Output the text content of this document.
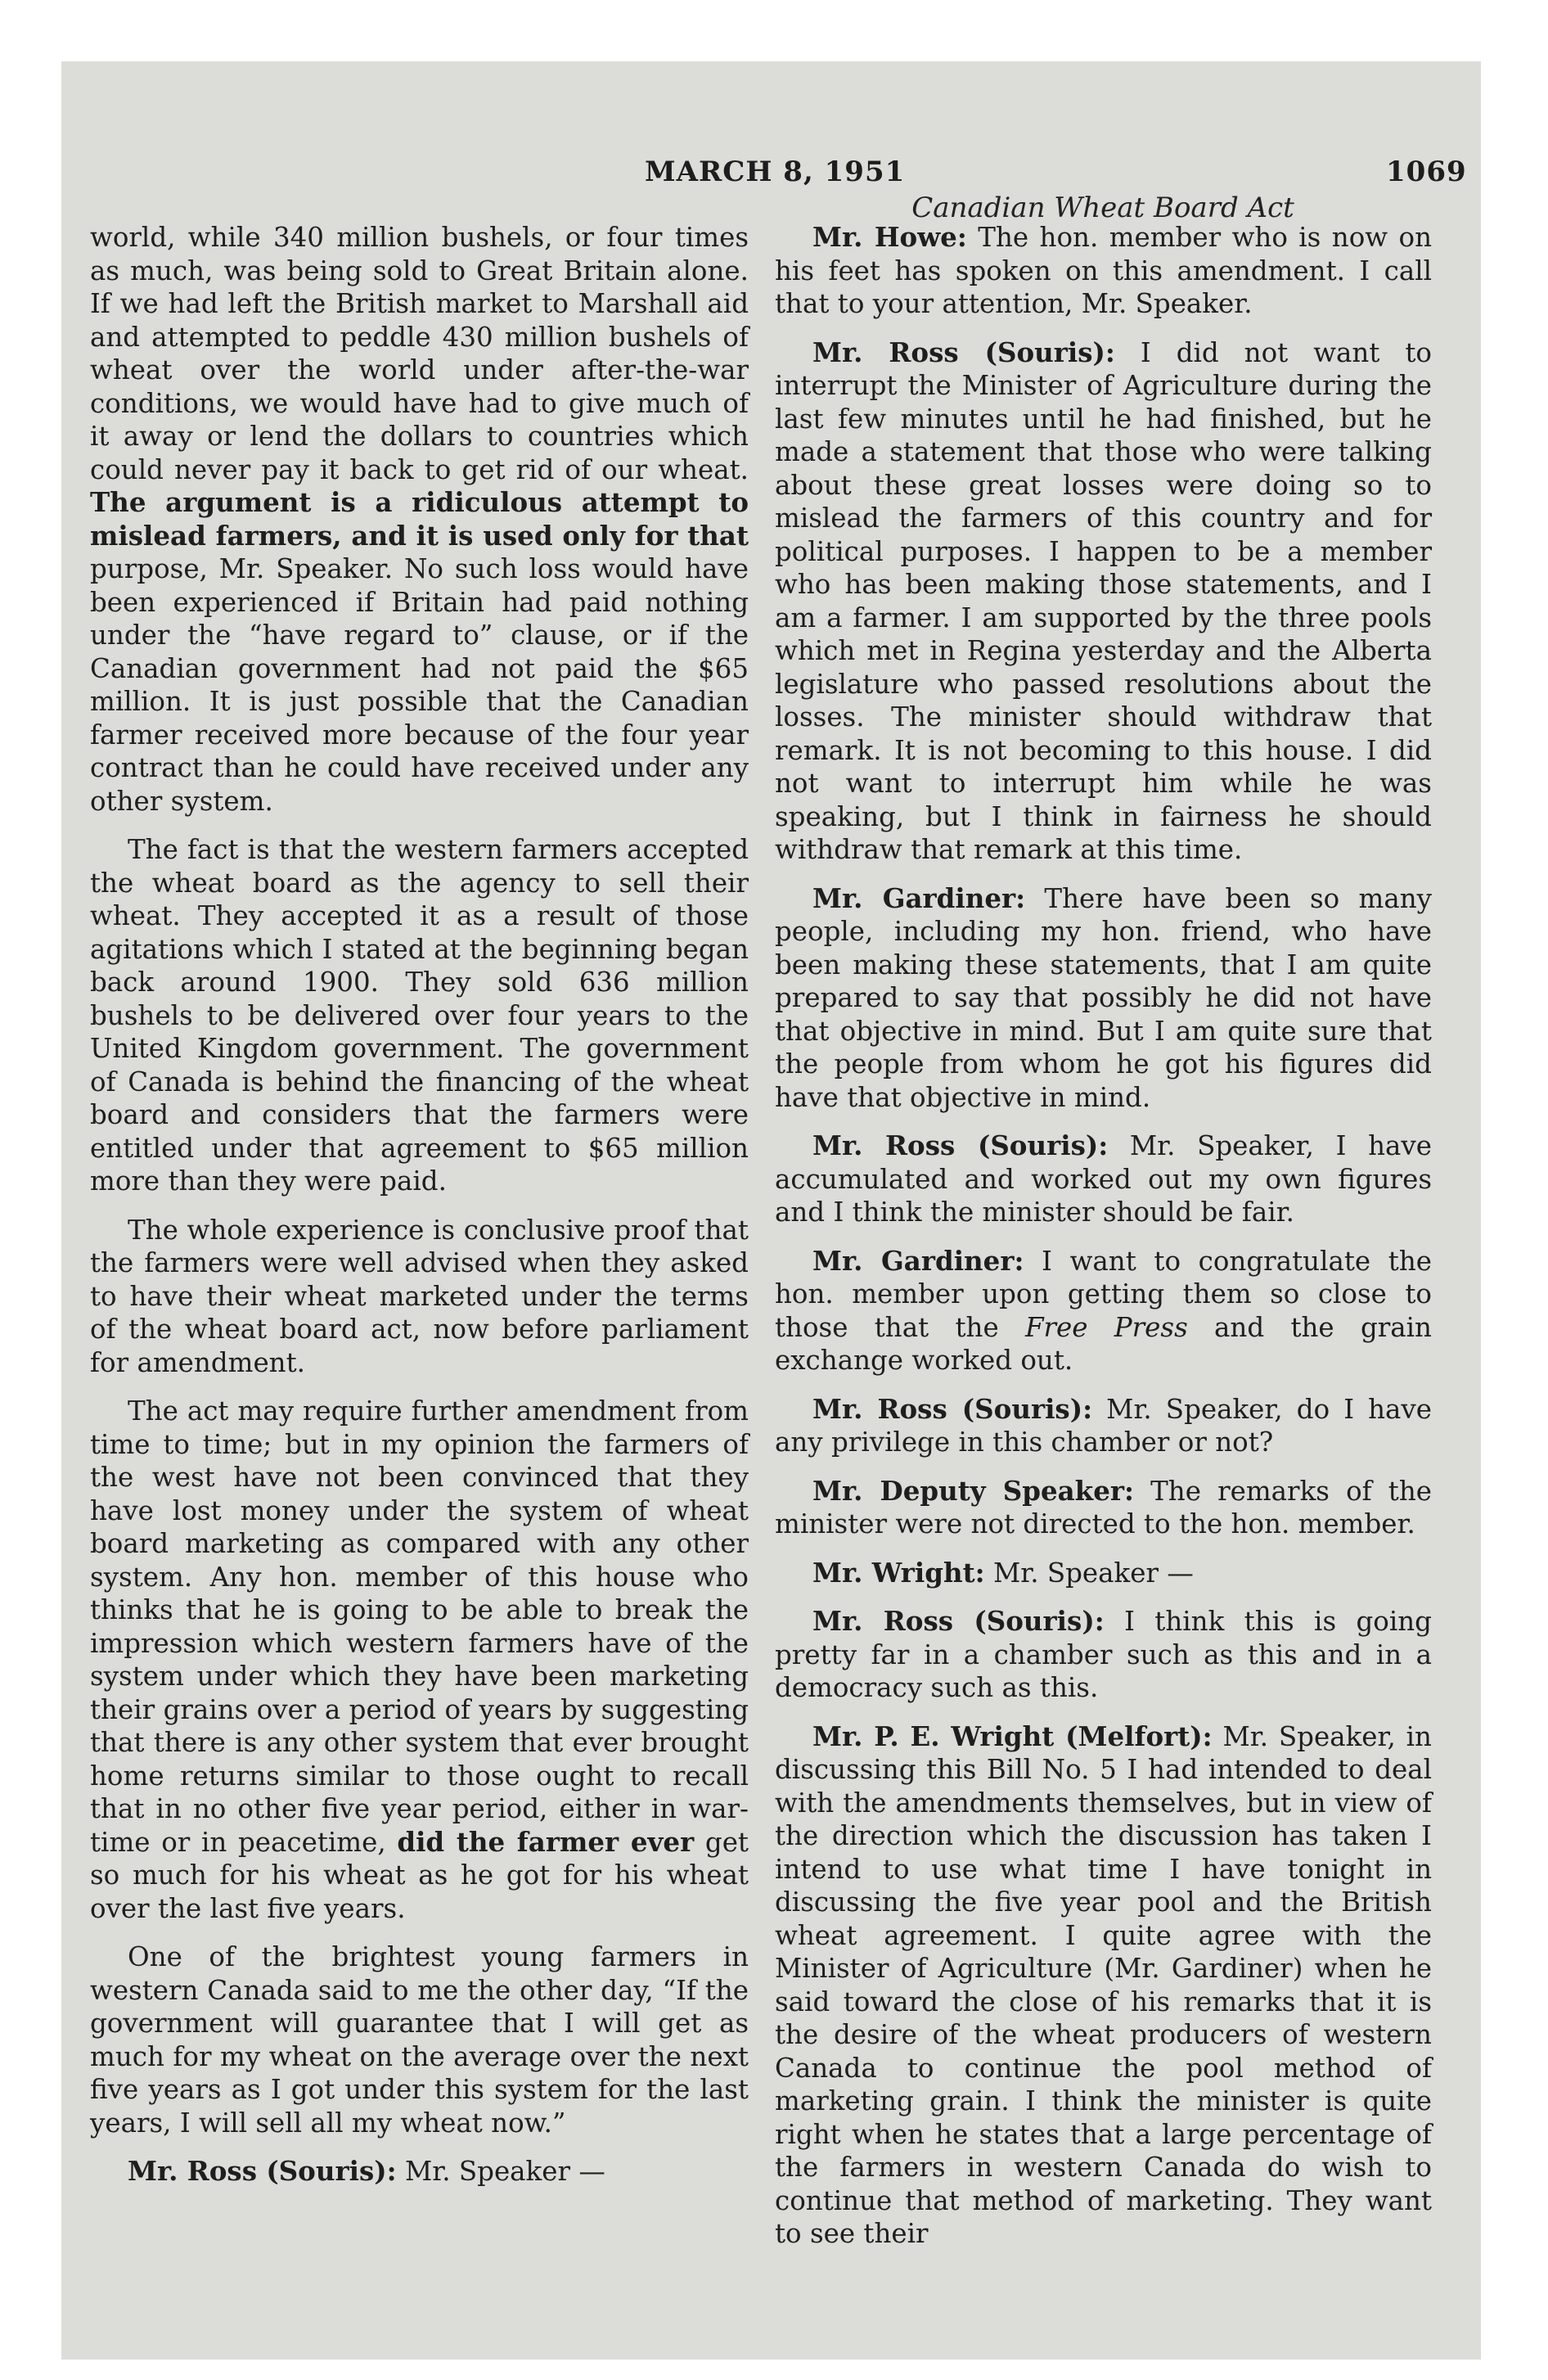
MARCH 8, 1951	1069
Canadian Wheat Board Act

world, while 340 million bushels, or four times as much, was being sold to Great Britain alone. If we had left the British market to Marshall aid and attempted to peddle 430 million bushels of wheat over the world under after-the-war conditions, we would have had to give much of it away or lend the dollars to countries which could never pay it back to get rid of our wheat. The argument is a ridiculous attempt to mislead farmers, and it is used only for that purpose, Mr. Speaker. No such loss would have been experienced if Britain had paid nothing under the “have regard to” clause, or if the Canadian government had not paid the $65 million. It is just possible that the Canadian farmer received more because of the four year contract than he could have received under any other system.

The fact is that the western farmers accepted the wheat board as the agency to sell their wheat. They accepted it as a result of those agitations which I stated at the beginning began back around 1900. They sold 636 million bushels to be delivered over four years to the United Kingdom government. The government of Canada is behind the financing of the wheat board and considers that the farmers were entitled under that agreement to $65 million more than they were paid.

The whole experience is conclusive proof that the farmers were well advised when they asked to have their wheat marketed under the terms of the wheat board act, now before parliament for amendment.

The act may require further amendment from time to time; but in my opinion the farmers of the west have not been convinced that they have lost money under the system of wheat board marketing as compared with any other system. Any hon. member of this house who thinks that he is going to be able to break the impression which western farmers have of the system under which they have been marketing their grains over a period of years by suggesting that there is any other system that ever brought home returns similar to those ought to recall that in no other five year period, either in war-time or in peacetime, did the farmer ever get so much for his wheat as he got for his wheat over the last five years.

One of the brightest young farmers in western Canada said to me the other day, “If the government will guarantee that I will get as much for my wheat on the average over the next five years as I got under this system for the last years, I will sell all my wheat now.”

Mr. Ross (Souris): Mr. Speaker —

Mr. Howe: The hon. member who is now on his feet has spoken on this amendment. I call that to your attention, Mr. Speaker.

Mr. Ross (Souris): I did not want to interrupt the Minister of Agriculture during the last few minutes until he had finished, but he made a statement that those who were talking about these great losses were doing so to mislead the farmers of this country and for political purposes. I happen to be a member who has been making those statements, and I am a farmer. I am supported by the three pools which met in Regina yesterday and the Alberta legislature who passed resolutions about the losses. The minister should withdraw that remark. It is not becoming to this house. I did not want to interrupt him while he was speaking, but I think in fairness he should withdraw that remark at this time.

Mr. Gardiner: There have been so many people, including my hon. friend, who have been making these statements, that I am quite prepared to say that possibly he did not have that objective in mind. But I am quite sure that the people from whom he got his figures did have that objective in mind.

Mr. Ross (Souris): Mr. Speaker, I have accumulated and worked out my own figures and I think the minister should be fair.

Mr. Gardiner: I want to congratulate the hon. member upon getting them so close to those that the Free Press and the grain exchange worked out.

Mr. Ross (Souris): Mr. Speaker, do I have any privilege in this chamber or not?

Mr. Deputy Speaker: The remarks of the minister were not directed to the hon. member.

Mr. Wright: Mr. Speaker —

Mr. Ross (Souris): I think this is going pretty far in a chamber such as this and in a democracy such as this.

Mr. P. E. Wright (Melfort): Mr. Speaker, in discussing this Bill No. 5 I had intended to deal with the amendments themselves, but in view of the direction which the discussion has taken I intend to use what time I have tonight in discussing the five year pool and the British wheat agreement. I quite agree with the Minister of Agriculture (Mr. Gardiner) when he said toward the close of his remarks that it is the desire of the wheat producers of western Canada to continue the pool method of marketing grain. I think the minister is quite right when he states that a large percentage of the farmers in western Canada do wish to continue that method of marketing. They want to see their
